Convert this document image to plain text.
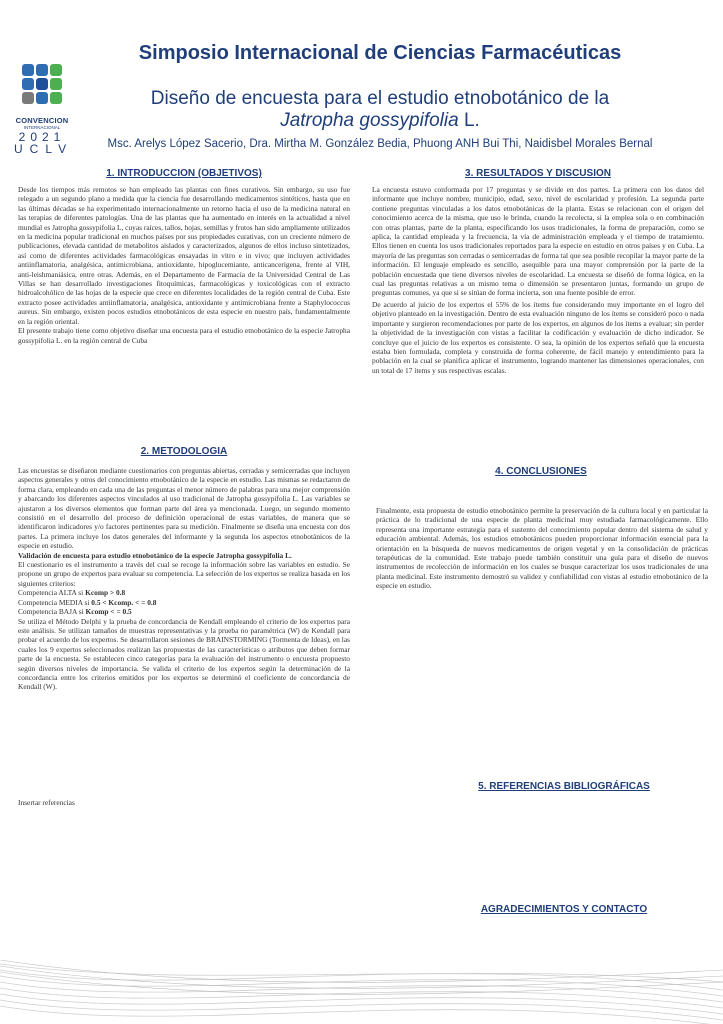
CONVENCION
INTERNACIONAL
2021
UCLV
Simposio Internacional de Ciencias Farmacéuticas
Diseño de encuesta para el estudio etnobotánico de la
Jatropha gossypifolia L.
Msc. Arelys López Sacerio, Dra. Mirtha M. González Bedia, Phuong ANH Bui Thi, Naidisbel Morales Bernal
1. INTRODUCCION (OBJETIVOS)

Desde los tiempos más remotos se han empleado las plantas con fines curativos. Sin embargo, su uso fue relegado a un segundo plano a medida que la ciencia fue desarrollando medicamentos sintéticos, hasta que en las últimas décadas se ha experimentado internacionalmente un retorno hacia el uso de la medicina natural en las terapias de diferentes patologías. Una de las plantas que ha aumentado en interés en la actualidad a nivel mundial es Jatropha gossypifolia L, cuyas raíces, tallos, hojas, semillas y frutos han sido ampliamente utilizados en la medicina popular tradicional en muchos países por sus propiedades curativas, con un creciente número de publicaciones, elevada cantidad de metabolitos aislados y caracterizados, algunos de ellos incluso sintetizados, así como de diferentes actividades farmacológicas ensayadas in vitro e in vivo; que incluyen actividades antiinflamatoria, analgésica, antimicrobiana, antioxidante, hipoglucemiante, anticancerígena, frente al VIH, anti-leishmaniásica, entre otras. Además, en el Departamento de Farmacia de la Universidad Central de Las Villas se han desarrollado investigaciones fitoquímicas, farmacológicas y toxicológicas con el extracto hidroalcohólico de las hojas de la especie que crece en diferentes localidades de la región central de Cuba. Este extracto posee actividades antiinflamatoria, analgésica, antioxidante y antimicrobiana frente a Staphylococcus aureus. Sin embargo, existen pocos estudios etnobotánicos de esta especie en nuestro país, fundamentalmente en la región oriental.

El presente trabajo tiene como objetivo diseñar una encuesta para el estudio etnobotánico de la especie Jatropha gossypifolia L. en la región central de Cuba

2. METODOLOGIA

Las encuestas se diseñaron mediante cuestionarios con preguntas abiertas, cerradas y semicerradas que incluyen aspectos generales y otros del conocimiento etnobotánico de la especie en estudio. Las mismas se redactaron de forma clara, empleando en cada una de las preguntas el menor número de palabras para una mejor comprensión y abarcando los diferentes aspectos vinculados al uso tradicional de Jatropha gossypifolia L. Las variables se ajustaron a los diversos elementos que forman parte del área ya mencionada. Luego, un segundo momento consistió en el desarrollo del proceso de definición operacional de estas variables, de manera que se identificaron indicadores y/o factores pertinentes para su medición. Finalmente se diseña una encuesta con dos partes. La primera incluye los datos generales del informante y la segunda los aspectos etnobotánicos de la especie en estudio.

Validación de encuesta para estudio etnobotánico de la especie Jatropha gossypifolia L.

El cuestionario es el instrumento a través del cual se recoge la información sobre las variables en estudio. Se propone un grupo de expertos para evaluar su competencia. La selección de los expertos se realiza basada en los siguientes criterios:

Competencia ALTA si Kcomp > 0.8

Competencia MEDIA si 0.5 < Kcomp. < = 0.8

Competencia BAJA si Kcomp < = 0.5

Se utiliza el Método Delphi y la prueba de concordancia de Kendall empleando el criterio de los expertos para este análisis. Se utilizan tamaños de muestras representativas y la prueba no paramétrica (W) de Kendall para probar el acuerdo de los expertos. Se desarrollaron sesiones de BRAINSTORMING (Tormenta de Ideas), en las cuales los 9 expertos seleccionados realizan las propuestas de las características o atributos que deben formar parte de la encuesta. Se establecen cinco categorías para la evaluación del instrumento o encuesta propuesto según diversos niveles de importancia. Se valida el criterio de los expertos según la determinación de la concordancia entre los criterios emitidos por los expertos se determinó el coeficiente de concordancia de Kendall (W).

Insertar referencias
3. RESULTADOS Y DISCUSION

La encuesta estuvo conformada por 17 preguntas y se divide en dos partes. La primera con los datos del informante que incluye nombre, municipio, edad, sexo, nivel de escolaridad y profesión. La segunda parte contiene preguntas vinculadas a los datos etnobotánicas de la planta. Estas se relacionan con el origen del conocimiento acerca de la misma, que uso le brinda, cuando la recolecta, si la emplea sola o en combinación con otras plantas, parte de la planta, especificando los usos tradicionales, la forma de preparación, como se aplica, la cantidad empleada y la frecuencia, la vía de administración empleada y el tiempo de tratamiento. Ellos tienen en cuenta los usos tradicionales reportados para la especie en estudio en otros países y en Cuba. La mayoría de las preguntas son cerradas o semicerradas de forma tal que sea posible recopilar la mayor parte de la información. El lenguaje empleado es sencillo, asequible para una mayor comprensión por la parte de la población encuestada que tiene diversos niveles de escolaridad. La encuesta se diseñó de forma lógica, en la cual las preguntas relativas a un mismo tema o dimensión se presentaron juntas, formando un grupo de preguntas comunes, ya que si se sitúan de forma incierta, son una fuente posible de error.

De acuerdo al juicio de los expertos el 55% de los ítems fue considerando muy importante en el logro del objetivo planteado en la investigación. Dentro de esta evaluación ninguno de los ítems se consideró poco o nada importante y surgieron recomendaciones por parte de los expertos, en algunos de los ítems a evaluar; sin perder la objetividad de la investigación con vistas a facilitar la codificación y evaluación de dicho indicador. Se concluye que el juicio de los expertos es consistente. O sea, la opinión de los expertos señaló que la encuesta estaba bien formulada, completa y construida de forma coherente, de fácil manejo y entendimiento para la población en la cual se planifica aplicar el instrumento, logrando mantener las dimensiones operacionales, con un total de 17 ítems y sus respectivas escalas.

4. CONCLUSIONES

Finalmente, esta propuesta de estudio etnobotánico permite la preservación de la cultura local y en particular la práctica de lo tradicional de una especie de planta medicinal muy estudiada farmacológicamente. Ello representa una importante estrategia para el sustento del conocimiento popular dentro del sistema de salud y educación ambiental. Además, los estudios etnobotánicos pueden proporcionar información esencial para la orientación en la búsqueda de nuevos medicamentos de origen vegetal y en la consolidación de prácticas terapéuticas de la comunidad. Este trabajo puede también constituir una guía para el diseño de nuevos instrumentos de recolección de información en los cuales se busque caracterizar los usos tradicionales de una planta medicinal. Este instrumento demostró su validez y confiabilidad con vistas al estudio etnobotánico de la especie en estudio.

5. REFERENCIAS BIBLIOGRÁFICAS
AGRADECIMIENTOS Y CONTACTO
